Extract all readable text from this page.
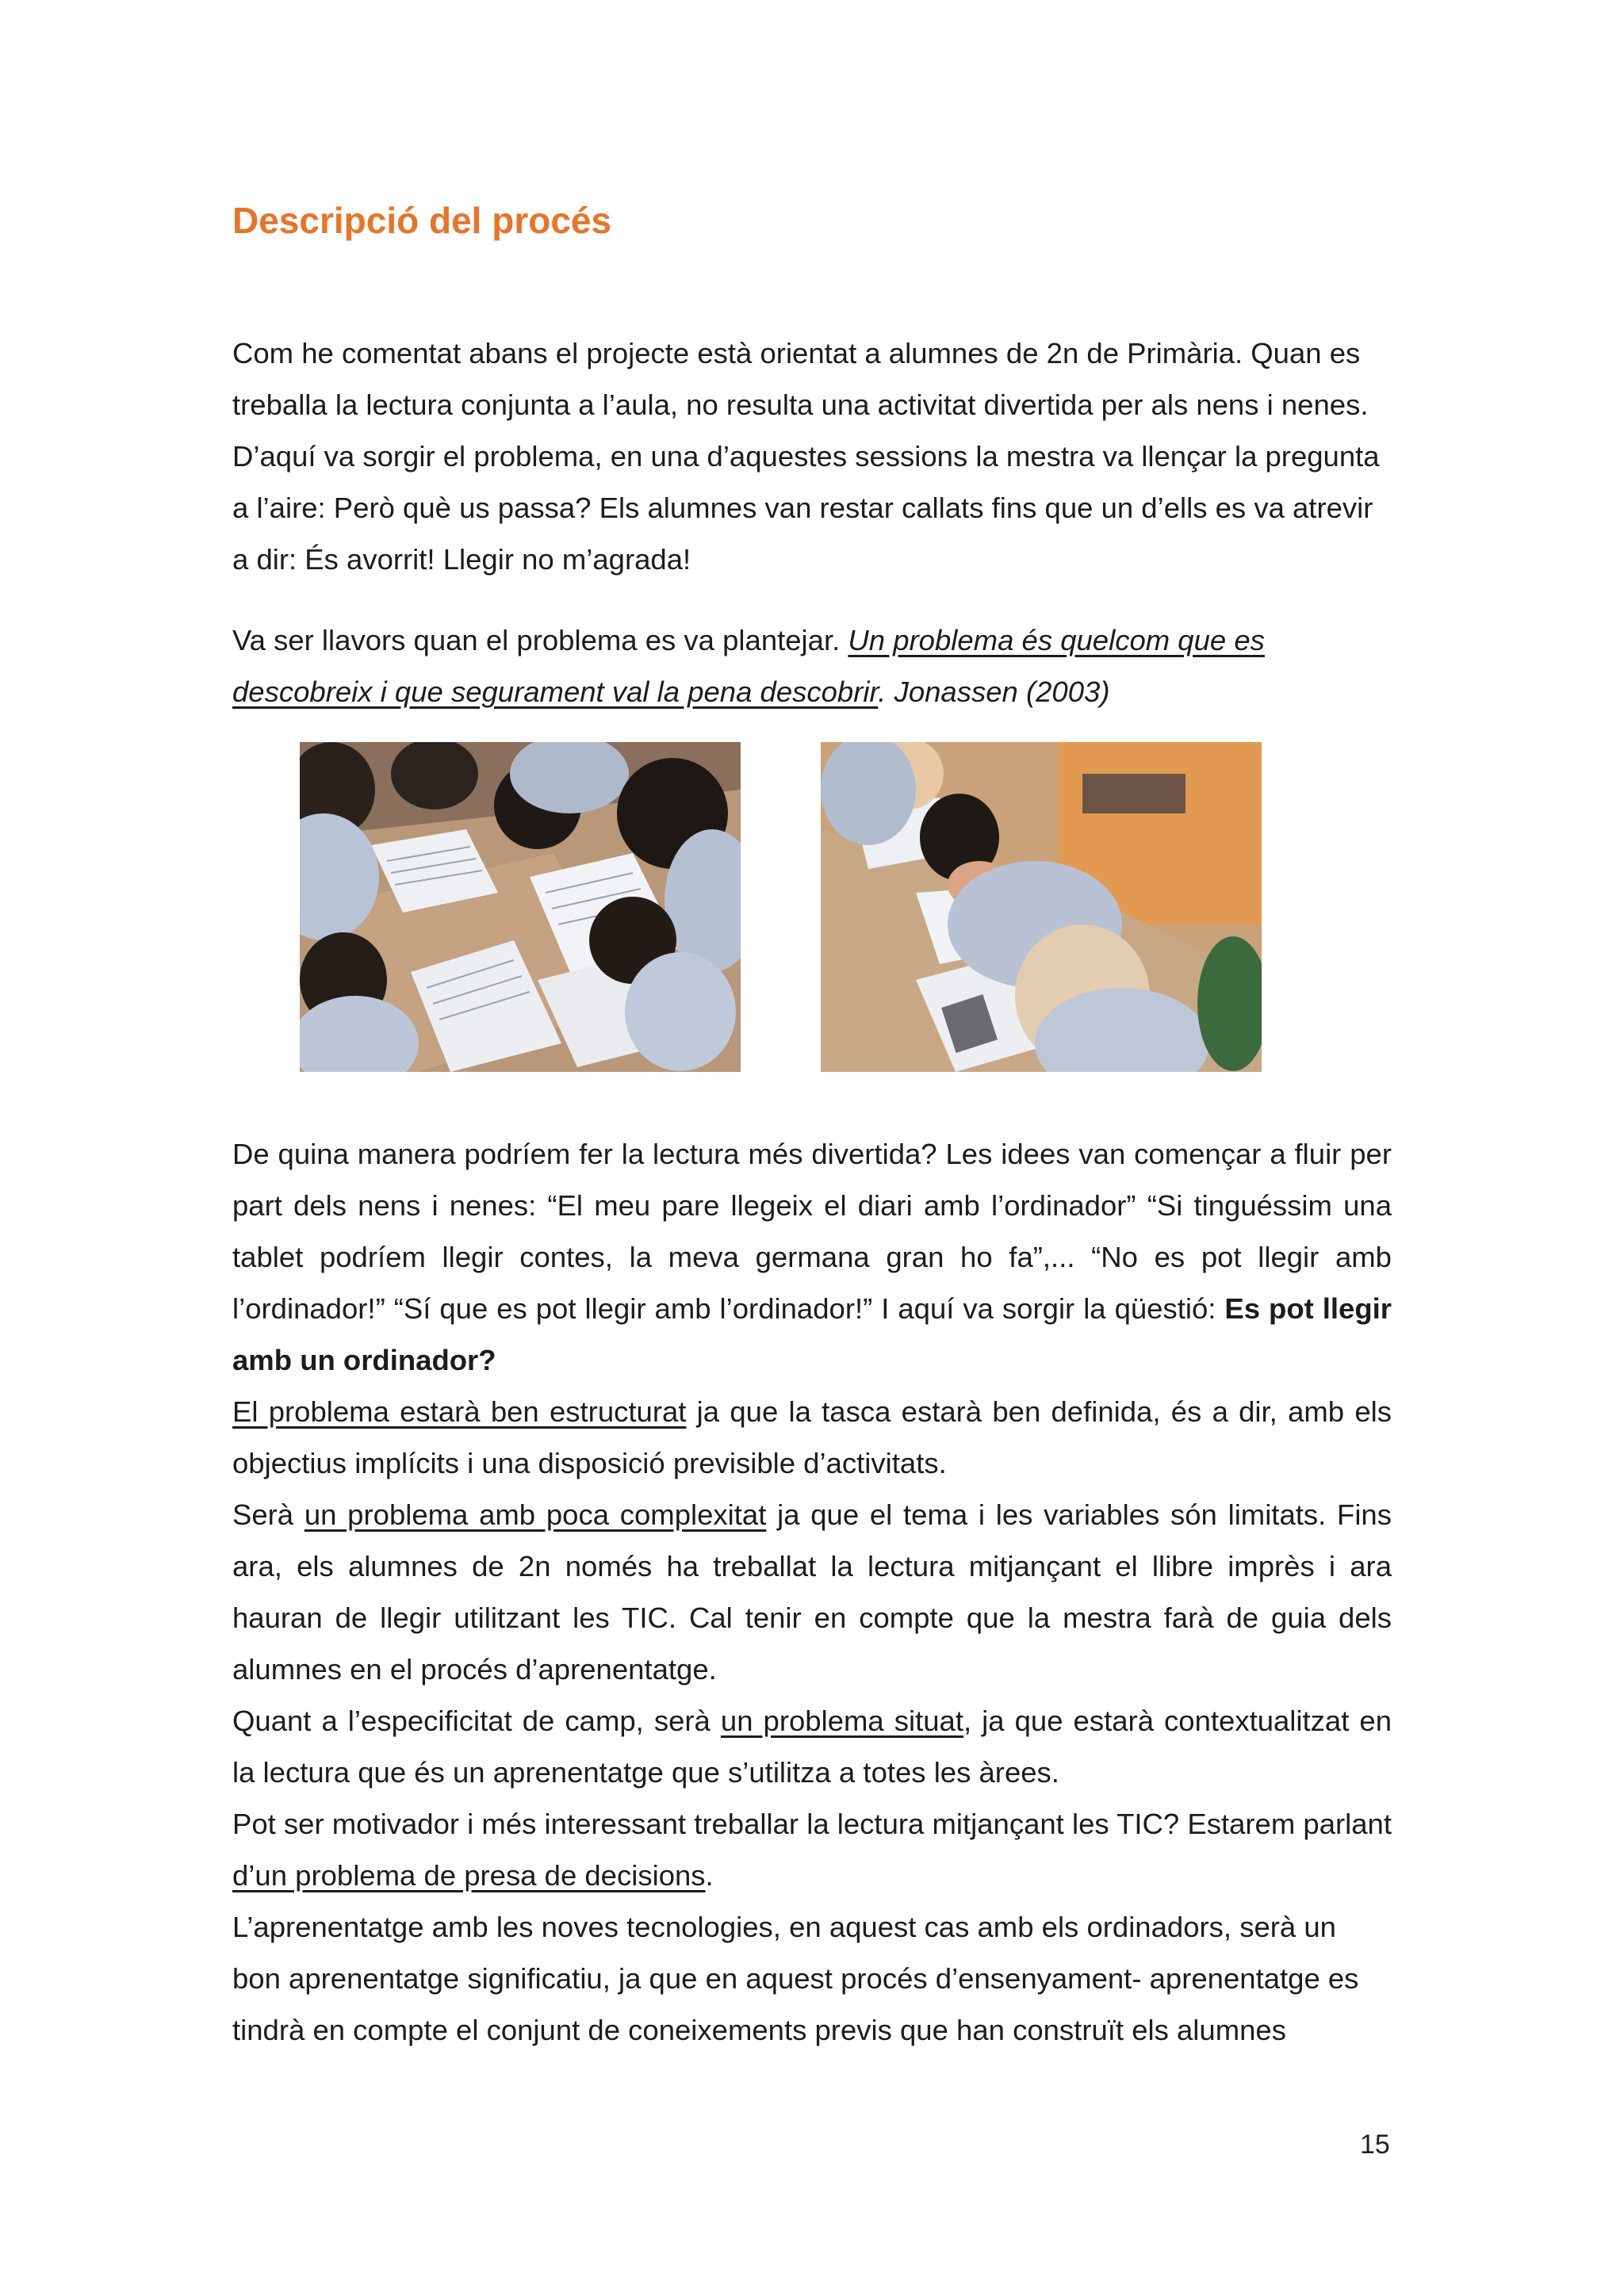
Descripció del procés

Com he comentat abans el projecte està orientat a alumnes de 2n de Primària. Quan es treballa la lectura conjunta a l’aula, no resulta una activitat divertida per als nens i nenes. D’aquí va sorgir el problema, en una d’aquestes sessions la mestra va llençar la pregunta a l’aire: Però què us passa? Els alumnes van restar callats fins que un d’ells es va atrevir a dir: És avorrit! Llegir no m’agrada!

Va ser llavors quan el problema es va plantejar. Un problema és quelcom que es descobreix i que segurament val la pena descobrir. Jonassen (2003)

De quina manera podríem fer la lectura més divertida? Les idees van començar a fluir per part dels nens i nenes: “El meu pare llegeix el diari amb l’ordinador” “Si tinguéssim una tablet podríem llegir contes, la meva germana gran ho fa”,... “No es pot llegir amb l’ordinador!” “Sí que es pot llegir amb l’ordinador!” I aquí va sorgir la qüestió: Es pot llegir amb un ordinador?

El problema estarà ben estructurat ja que la tasca estarà ben definida, és a dir, amb els objectius implícits i una disposició previsible d’activitats.

Serà un problema amb poca complexitat ja que el tema i les variables són limitats. Fins ara, els alumnes de 2n només ha treballat la lectura mitjançant el llibre imprès i ara hauran de llegir utilitzant les TIC. Cal tenir en compte que la mestra farà de guia dels alumnes en el procés d’aprenentatge.

Quant a l’especificitat de camp, serà un problema situat, ja que estarà contextualitzat en la lectura que és un aprenentatge que s’utilitza a totes les àrees.

Pot ser motivador i més interessant treballar la lectura mitjançant les TIC? Estarem parlant d’un problema de presa de decisions.

L’aprenentatge amb les noves tecnologies, en aquest cas amb els ordinadors, serà un bon aprenentatge significatiu, ja que en aquest procés d’ensenyament- aprenentatge es tindrà en compte el conjunt de coneixements previs que han construït els alumnes

15
